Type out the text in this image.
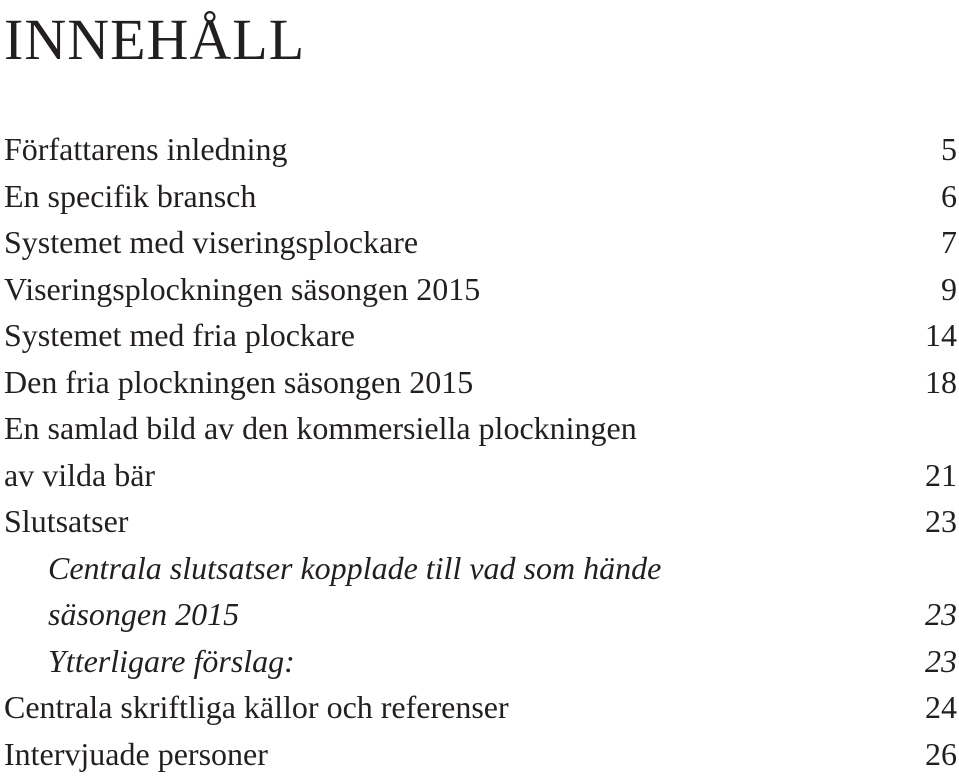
INNEHÅLL
Författarens inledning	5
En specifik bransch	6
Systemet med viseringsplockare	7
Viseringsplockningen säsongen 2015	9
Systemet med fria plockare	14
Den fria plockningen säsongen 2015	18
En samlad bild av den kommersiella plockningen
av vilda bär	21
Slutsatser	23
Centrala slutsatser kopplade till vad som hände
säsongen 2015	23
Ytterligare förslag:	23
Centrala skriftliga källor och referenser	24
Intervjuade personer	26
